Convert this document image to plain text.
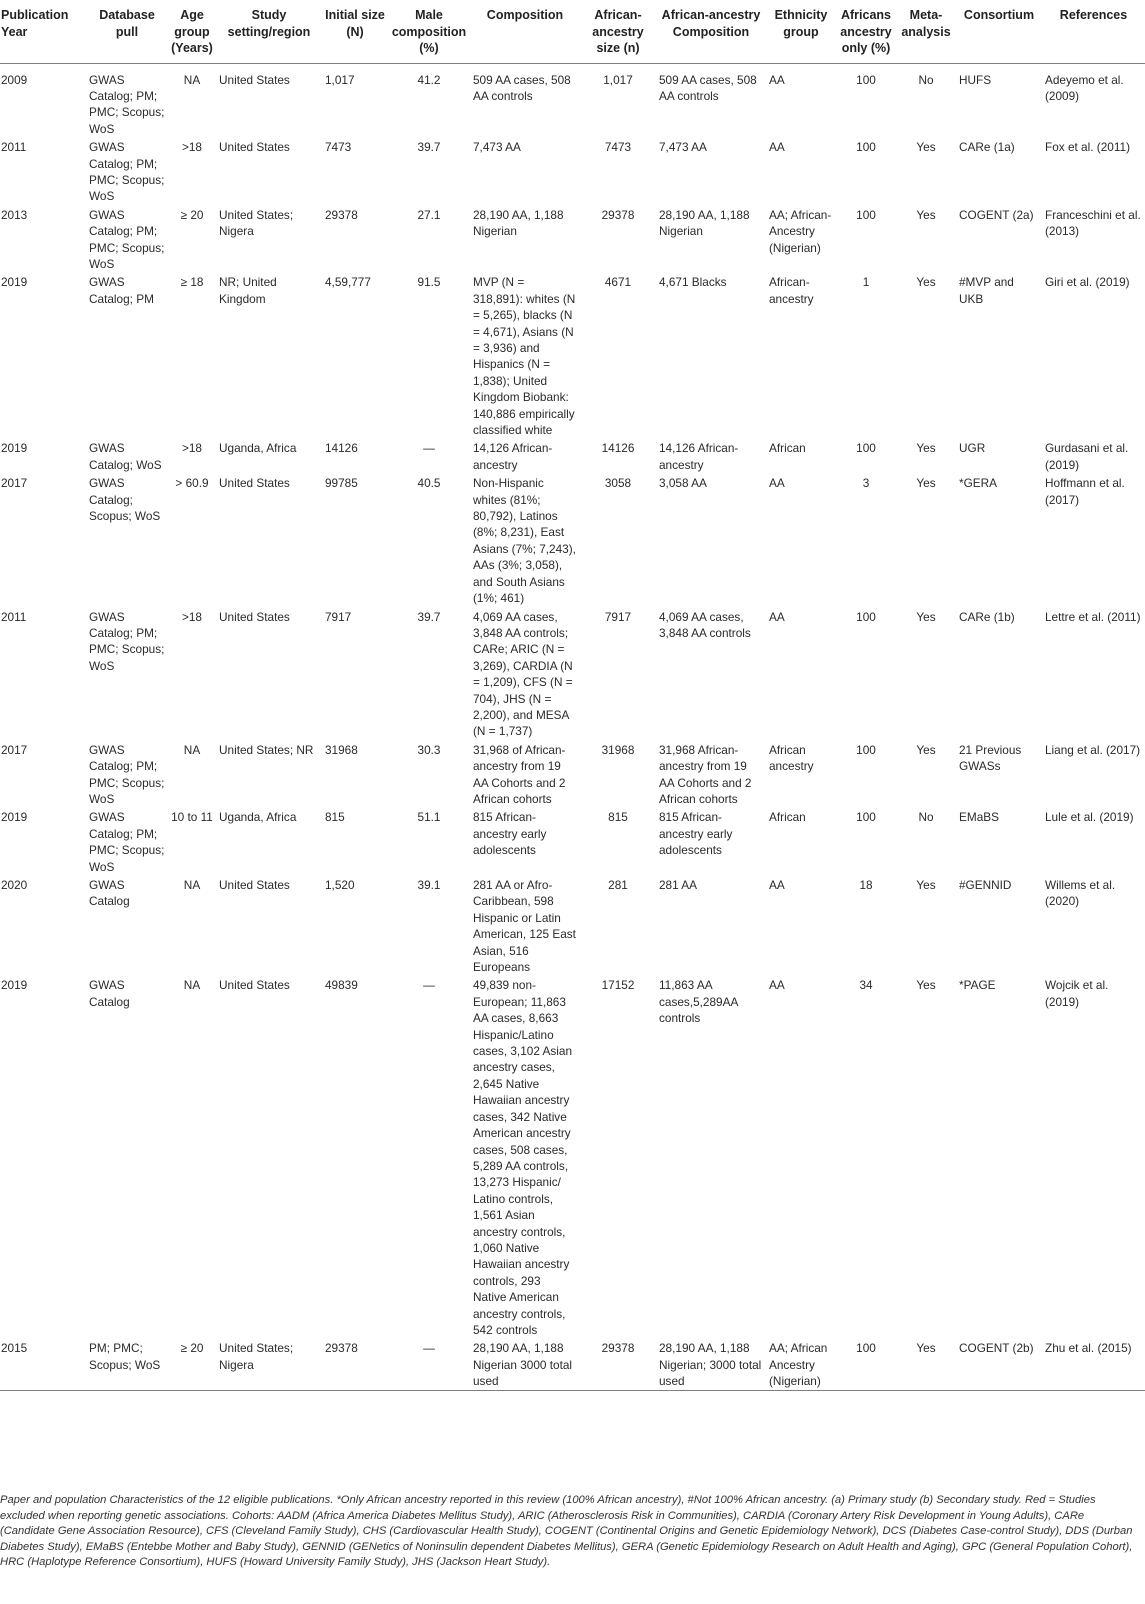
Publication Year	Database pull	Age group (Years)	Study setting/region	Initial size (N)	Male composition (%)	Composition	African-ancestry size (n)	African-ancestry Composition	Ethnicity group	Africans ancestry only (%)	Meta-analysis	Consortium	References
2009	GWAS Catalog; PM; PMC; Scopus; WoS	NA	United States	1,017	41.2	509 AA cases, 508 AA controls	1,017	509 AA cases, 508 AA controls	AA	100	No	HUFS	Adeyemo et al. (2009)
2011	GWAS Catalog; PM; PMC; Scopus; WoS	>18	United States	7473	39.7	7,473 AA	7473	7,473 AA	AA	100	Yes	CARe (1a)	Fox et al. (2011)
2013	GWAS Catalog; PM; PMC; Scopus; WoS	≥ 20	United States; Nigera	29378	27.1	28,190 AA, 1,188 Nigerian	29378	28,190 AA, 1,188 Nigerian	AA; African-Ancestry (Nigerian)	100	Yes	COGENT (2a)	Franceschini et al. (2013)
2019	GWAS Catalog; PM	≥ 18	NR; United Kingdom	4,59,777	91.5	MVP (N = 318,891): whites (N = 5,265), blacks (N = 4,671), Asians (N = 3,936) and Hispanics (N = 1,838); United Kingdom Biobank: 140,886 empirically classified white	4671	4,671 Blacks	African-ancestry	1	Yes	#MVP and UKB	Giri et al. (2019)
2019	GWAS Catalog; WoS	>18	Uganda, Africa	14126	—	14,126 African-ancestry	14126	14,126 African-ancestry	African	100	Yes	UGR	Gurdasani et al. (2019)
2017	GWAS Catalog; Scopus; WoS	> 60.9	United States	99785	40.5	Non-Hispanic whites (81%; 80,792), Latinos (8%; 8,231), East Asians (7%; 7,243), AAs (3%; 3,058), and South Asians (1%; 461)	3058	3,058 AA	AA	3	Yes	*GERA	Hoffmann et al. (2017)
2011	GWAS Catalog; PM; PMC; Scopus; WoS	>18	United States	7917	39.7	4,069 AA cases, 3,848 AA controls; CARe; ARIC (N = 3,269), CARDIA (N = 1,209), CFS (N = 704), JHS (N = 2,200), and MESA (N = 1,737)	7917	4,069 AA cases, 3,848 AA controls	AA	100	Yes	CARe (1b)	Lettre et al. (2011)
2017	GWAS Catalog; PM; PMC; Scopus; WoS	NA	United States; NR	31968	30.3	31,968 of African-ancestry from 19 AA Cohorts and 2 African cohorts	31968	31,968 African-ancestry from 19 AA Cohorts and 2 African cohorts	African ancestry	100	Yes	21 Previous GWASs	Liang et al. (2017)
2019	GWAS Catalog; PM; PMC; Scopus; WoS	10 to 11	Uganda, Africa	815	51.1	815 African-ancestry early adolescents	815	815 African-ancestry early adolescents	African	100	No	EMaBS	Lule et al. (2019)
2020	GWAS Catalog	NA	United States	1,520	39.1	281 AA or Afro-Caribbean, 598 Hispanic or Latin American, 125 East Asian, 516 Europeans	281	281 AA	AA	18	Yes	#GENNID	Willems et al. (2020)
2019	GWAS Catalog	NA	United States	49839	—	49,839 non-European; 11,863 AA cases, 8,663 Hispanic/Latino cases, 3,102 Asian ancestry cases, 2,645 Native Hawaiian ancestry cases, 342 Native American ancestry cases, 508 cases, 5,289 AA controls, 13,273 Hispanic/ Latino controls, 1,561 Asian ancestry controls, 1,060 Native Hawaiian ancestry controls, 293 Native American ancestry controls, 542 controls	17152	11,863 AA cases,5,289AA controls	AA	34	Yes	*PAGE	Wojcik et al. (2019)
2015	PM; PMC; Scopus; WoS	≥ 20	United States; Nigera	29378	—	28,190 AA, 1,188 Nigerian 3000 total used	29378	28,190 AA, 1,188 Nigerian; 3000 total used	AA; African Ancestry (Nigerian)	100	Yes	COGENT (2b)	Zhu et al. (2015)

Paper and population Characteristics of the 12 eligible publications. *Only African ancestry reported in this review (100% African ancestry), #Not 100% African ancestry. (a) Primary study (b) Secondary study. Red = Studies excluded when reporting genetic associations. Cohorts: AADM (Africa America Diabetes Mellitus Study), ARIC (Atherosclerosis Risk in Communities), CARDIA (Coronary Artery Risk Development in Young Adults), CARe (Candidate Gene Association Resource), CFS (Cleveland Family Study), CHS (Cardiovascular Health Study), COGENT (Continental Origins and Genetic Epidemiology Network), DCS (Diabetes Case-control Study), DDS (Durban Diabetes Study), EMaBS (Entebbe Mother and Baby Study), GENNID (GENetics of Noninsulin dependent Diabetes Mellitus), GERA (Genetic Epidemiology Research on Adult Health and Aging), GPC (General Population Cohort), HRC (Haplotype Reference Consortium), HUFS (Howard University Family Study), JHS (Jackson Heart Study).
